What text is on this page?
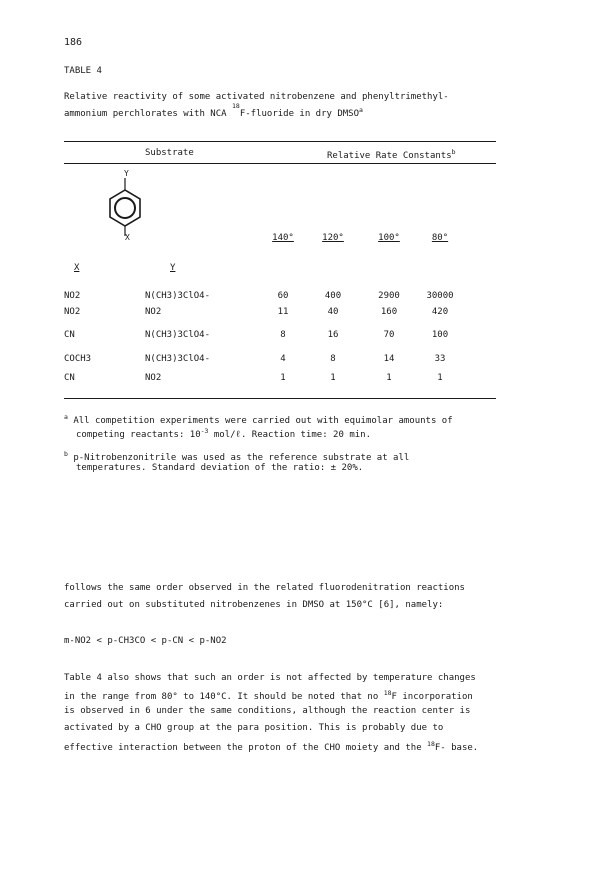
186
TABLE 4
Relative reactivity of some activated nitrobenzene and phenyltrimethyl-
ammonium perchlorates with NCA $^{18}$F-fluoride in dry DMSO$^a$
Substrate	Relative Rate Constants$^b$
Y
X	140°	120°	100°	80°
X	Y
NO2	N(CH3)3ClO4-	60	400	2900	30000
NO2	NO2	11	40	160	420
CN	N(CH3)3ClO4-	8	16	70	100
COCH3	N(CH3)3ClO4-	4	8	14	33
CN	NO2	1	1	1	1
$^a$ All competition experiments were carried out with equimolar amounts of
competing reactants: $10^{-3}$ mol/ℓ. Reaction time: 20 min.
$^b$ p-Nitrobenzonitrile was used as the reference substrate at all
temperatures. Standard deviation of the ratio: ± 20%.
follows the same order observed in the related fluorodenitration reactions
carried out on substituted nitrobenzenes in DMSO at 150°C [6], namely:
m-NO2 < p-CH3CO < p-CN < p-NO2
Table 4 also shows that such an order is not affected by temperature changes
in the range from 80° to 140°C. It should be noted that no $^{18}$F incorporation
is observed in 6 under the same conditions, although the reaction center is
activated by a CHO group at the para position. This is probably due to
effective interaction between the proton of the CHO moiety and the $^{18}$F- base.
